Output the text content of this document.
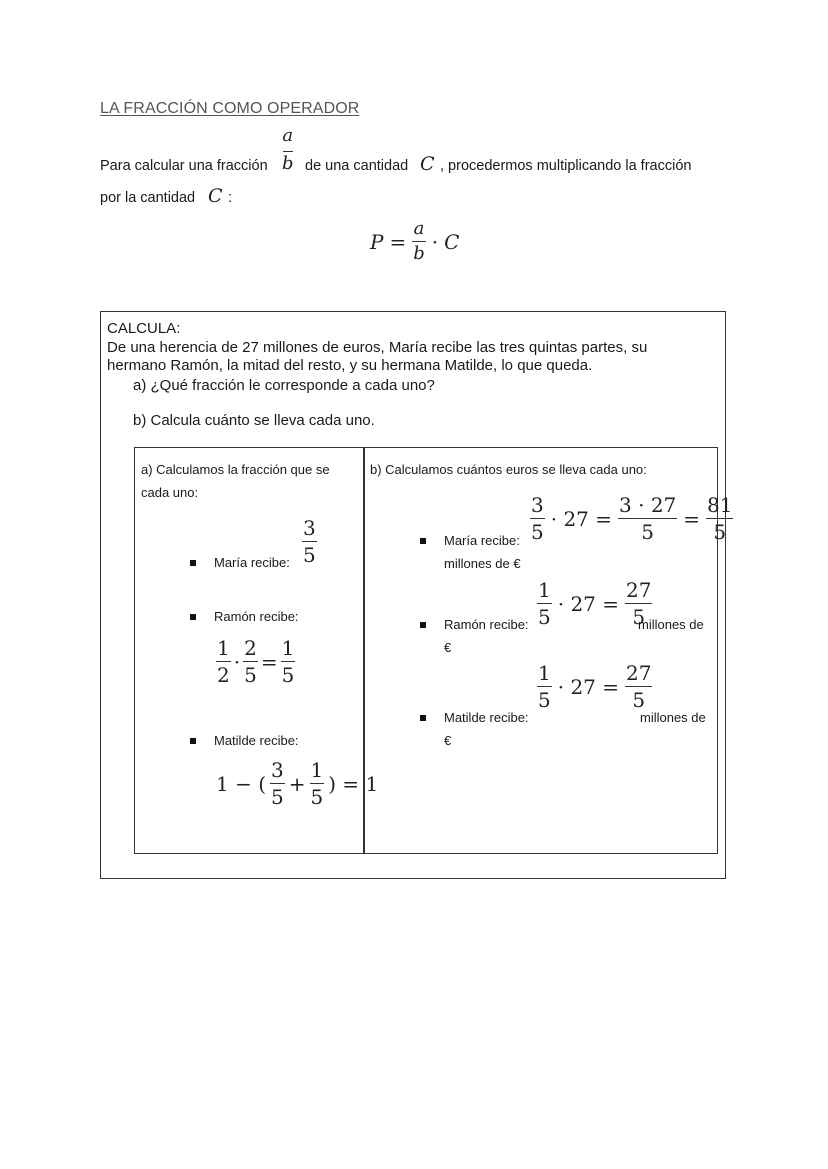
LA FRACCIÓN COMO OPERADOR
Para calcular una fracción
a
b de una cantidad C , procedermos multiplicando la fracción
por la cantidad C :
$P = \frac{a}{b} \cdot C$
CALCULA:
De una herencia de 27 millones de euros, María recibe las tres quintas partes, su
hermano Ramón, la mitad del resto, y su hermana Matilde, lo que queda.
a) ¿Qué fracción le corresponde a cada uno?
b) Calcula cuánto se lleva cada uno.
a) Calculamos la fracción que se
cada uno:
María recibe:
3
5
Ramón recibe:
$\frac{1}{2} \cdot \frac{2}{5} = \frac{1}{5}$
Matilde recibe:
1 − ( $\frac{3}{5} + \frac{1}{5}$ ) = 1
b) Calculamos cuántos euros se lleva cada uno:
María recibe:
millones de €
$\frac{3}{5} \cdot 27 = \frac{3 \cdot 27}{5} = \frac{81}{5}$
Ramón recibe:	millones de
€
$\frac{1}{5} \cdot 27 = \frac{27}{5}$
Matilde recibe:	millones de
€
$\frac{1}{5} \cdot 27 = \frac{27}{5}$
